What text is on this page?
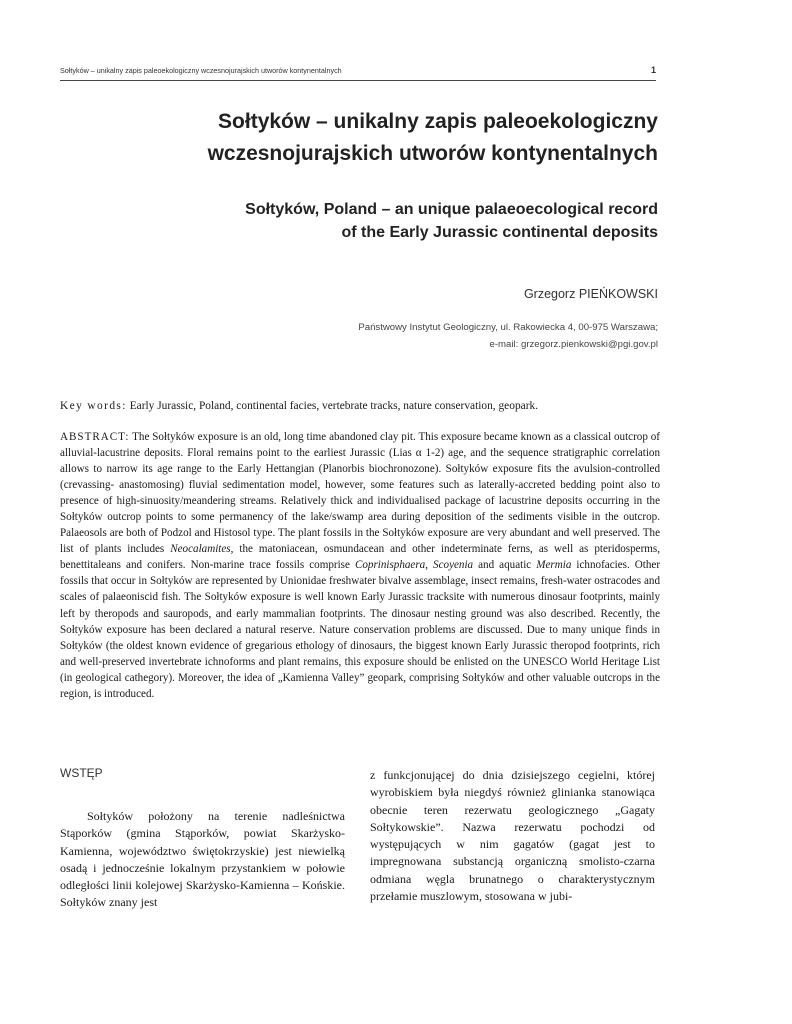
Sołtyków – unikalny zapis paleoekologiczny wczesnojurajskich utworów kontynentalnych	1
Sołtyków – unikalny zapis paleoekologiczny
wczesnojurajskich utworów kontynentalnych
Sołtyków, Poland – an unique palaeoecological record
of the Early Jurassic continental deposits
Grzegorz PIEŃKOWSKI
Państwowy Instytut Geologiczny, ul. Rakowiecka 4, 00-975 Warszawa;
e-mail: grzegorz.pienkowski@pgi.gov.pl
Key words: Early Jurassic, Poland, continental facies, vertebrate tracks, nature conservation, geopark.
ABSTRACT: The Sołtyków exposure is an old, long time abandoned clay pit. This exposure became known as a classical outcrop of alluvial-lacustrine deposits. Floral remains point to the earliest Jurassic (Lias α 1-2) age, and the sequence stratigraphic correlation allows to narrow its age range to the Early Hettangian (Planorbis biochronozone). Sołtyków exposure fits the avulsion-controlled (crevassing- anastomosing) fluvial sedimentation model, however, some features such as laterally-accreted bedding point also to presence of high-sinuosity/meandering streams. Relatively thick and individualised package of lacustrine deposits occurring in the Sołtyków outcrop points to some permanency of the lake/swamp area during deposition of the sediments visible in the outcrop. Palaeosols are both of Podzol and Histosol type. The plant fossils in the Sołtyków exposure are very abundant and well preserved. The list of plants includes Neocalamites, the matoniaceаn, osmundacean and other indeterminate ferns, as well as pteridosperms, benettitaleans and conifers. Non-marine trace fossils comprise Coprinisphaera, Scoyenia and aquatic Mermia ichnofacies. Other fossils that occur in Sołtyków are represented by Unionidae freshwater bivalve assemblage, insect remains, fresh-water ostracodes and scales of palaeoniscid fish. The Sołtyków exposure is well known Early Jurassic tracksite with numerous dinosaur footprints, mainly left by theropods and sauropods, and early mammalian footprints. The dinosaur nesting ground was also described. Recently, the Sołtyków exposure has been declared a natural reserve. Nature conservation problems are discussed. Due to many unique finds in Sołtyków (the oldest known evidence of gregarious ethology of dinosaurs, the biggest known Early Jurassic theropod footprints, rich and well-preserved invertebrate ichnoforms and plant remains, this exposure should be enlisted on the UNESCO World Heritage List (in geological cathegory). Moreover, the idea of „Kamienna Valley” geopark, comprising Sołtyków and other valuable outcrops in the region, is introduced.
WSTĘP
Sołtyków położony na terenie nadleśnictwa Stąporków (gmina Stąporków, powiat Skarżysko-Kamienna, województwo świętokrzyskie) jest niewielką osadą i jednocześnie lokalnym przystankiem w połowie odległości linii kolejowej Skarżysko-Kamienna – Końskie. Sołtyków znany jest
z funkcjonującej do dnia dzisiejszego cegielni, której wyrobiskiem była niegdyś również glinianka stanowiąca obecnie teren rezerwatu geologicznego „Gagaty Sołtykowskie”. Nazwa rezerwatu pochodzi od występujących w nim gagatów (gagat jest to impregnowana substancją organiczną smolisto-czarna odmiana węgla brunatnego o charakterystycznym przełamie muszlowym, stosowana w jubi-
